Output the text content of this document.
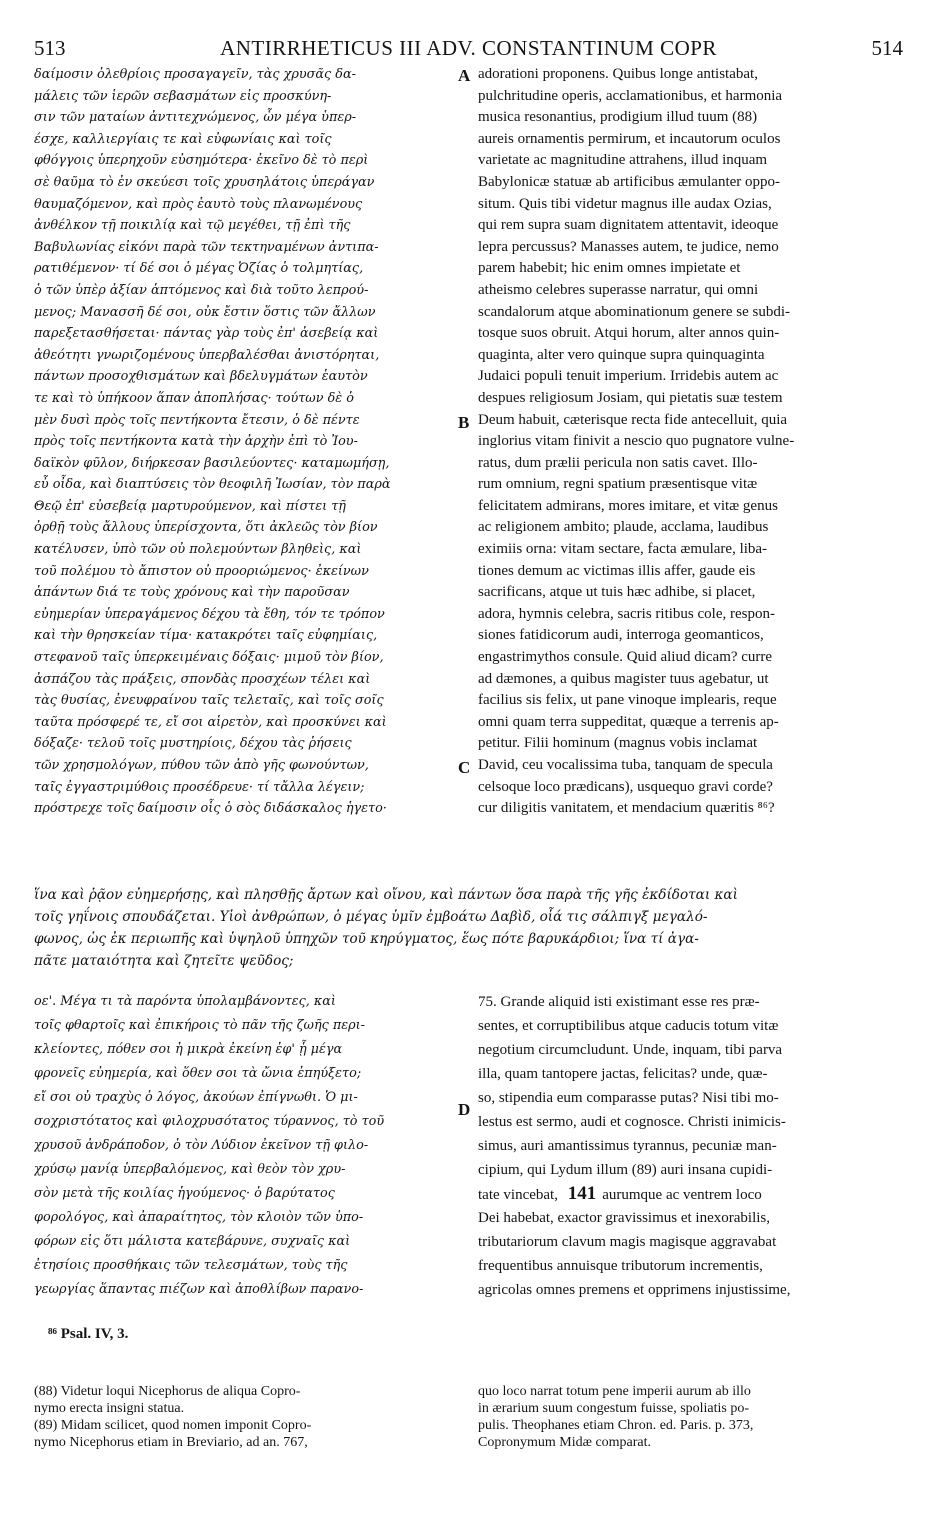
513	ANTIRRHETICUS III ADV. CONSTANTINUM COPR	514
δαίμοσιν ὀλεθρίοις προσαγαγεῖν, τὰς χρυσᾶς δα-
μάλεις τῶν ἱερῶν σεβασμάτων εἰς προσκύνη-
σιν τῶν ματαίων ἀντιτεχνώμενος, ὧν μέγα ὑπερ-
έσχε, καλλιεργίαις τε καὶ εὐφωνίαις καὶ τοῖς
φθόγγοις ὑπερηχοῦν εὐσημότερα· ἐκεῖνο δὲ τὸ περὶ
σὲ θαῦμα τὸ ἐν σκεύεσι τοῖς χρυσηλάτοις ὑπεράγαν
θαυμαζόμενον, καὶ πρὸς ἑαυτὸ τοὺς πλανωμένους
ἀνθέλκον τῇ ποικιλίᾳ καὶ τῷ μεγέθει, τῇ ἐπὶ τῆς
Βαβυλωνίας εἰκόνι παρὰ τῶν τεκτηναμένων ἀντιπα-
ρατιθέμενον· τί δέ σοι ὁ μέγας Ὀζίας ὁ τολμητίας,
ὁ τῶν ὑπὲρ ἀξίαν ἁπτόμενος καὶ διὰ τοῦτο λεπρού-
μενος; Μανασσῆ δέ σοι, οὐκ ἔστιν ὅστις τῶν ἄλλων
παρεξετασθήσεται· πάντας γὰρ τοὺς ἐπ' ἀσεβείᾳ καὶ
ἀθεότητι γνωριζομένους ὑπερβαλέσθαι ἀνιστόρηται,
πάντων προσοχθισμάτων καὶ βδελυγμάτων ἑαυτὸν
τε καὶ τὸ ὑπήκοον ἅπαν ἀποπλήσας· τούτων δὲ ὁ
μὲν δυσὶ πρὸς τοῖς πεντήκοντα ἔτεσιν, ὁ δὲ πέντε
πρὸς τοῖς πεντήκοντα κατὰ τὴν ἀρχὴν ἐπὶ τὸ Ἰου-
δαϊκὸν φῦλον, διήρκεσαν βασιλεύοντες· καταμωμήσῃ,
εὖ οἶδα, καὶ διαπτύσεις τὸν θεοφιλῆ Ἰωσίαν, τὸν παρὰ
Θεῷ ἐπ' εὐσεβείᾳ μαρτυρούμενον, καὶ πίστει τῇ
ὀρθῇ τοὺς ἄλλους ὑπερίσχοντα, ὅτι ἀκλεῶς τὸν βίον
κατέλυσεν, ὑπὸ τῶν οὐ πολεμούντων βληθεὶς, καὶ
τοῦ πολέμου τὸ ἄπιστον οὐ προοριώμενος· ἐκείνων
ἁπάντων διά τε τοὺς χρόνους καὶ τὴν παροῦσαν
εὐημερίαν ὑπεραγάμενος δέχου τὰ ἔθη, τόν τε τρόπον
καὶ τὴν θρησκείαν τίμα· κατακρότει ταῖς εὐφημίαις,
στεφανοῦ ταῖς ὑπερκειμέναις δόξαις· μιμοῦ τὸν βίον,
ἀσπάζου τὰς πράξεις, σπονδὰς προσχέων τέλει καὶ
τὰς θυσίας, ἐνευφραίνου ταῖς τελεταῖς, καὶ τοῖς σοῖς
ταῦτα πρόσφερέ τε, εἴ σοι αἱρετὸν, καὶ προσκύνει καὶ
δόξαζε· τελοῦ τοῖς μυστηρίοις, δέχου τὰς ῥήσεις
τῶν χρησμολόγων, πύθου τῶν ἀπὸ γῆς φωνούντων,
ταῖς ἐγγαστριμύθοις προσέδρευε· τί τἄλλα λέγειν;
πρόστρεχε τοῖς δαίμοσιν οἷς ὁ σὸς διδάσκαλος ἡγετο·
adorationi proponens. Quibus longe antistabat,
pulchritudine operis, acclamationibus, et harmonia
musica resonantius, prodigium illud tuum (88)
aureis ornamentis permirum, et incautorum oculos
varietate ac magnitudine attrahens, illud inquam
Babylonicæ statuæ ab artificibus æmulanter oppo-
situm. Quis tibi videtur magnus ille audax Ozias,
qui rem supra suam dignitatem attentavit, ideoque
lepra percussus? Manasses autem, te judice, nemo
parem habebit; hic enim omnes impietate et
atheismo celebres superasse narratur, qui omni
scandalorum atque abominationum genere se subdi-
tosque suos obruit. Atqui horum, alter annos quin-
quaginta, alter vero quinque supra quinquaginta
Judaici populi tenuit imperium. Irridebis autem ac
despues religiosum Josiam, qui pietatis suæ testem
Deum habuit, cæterisque recta fide antecelluit, quia
inglorius vitam finivit a nescio quo pugnatore vulne-
ratus, dum prælii pericula non satis cavet. Illo-
rum omnium, regni spatium præsentisque vitæ
felicitatem admirans, mores imitare, et vitæ genus
ac religionem ambito; plaude, acclama, laudibus
eximiis orna: vitam sectare, facta æmulare, liba-
tiones demum ac victimas illis affer, gaude eis
sacrificans, atque ut tuis hæc adhibe, si placet,
adora, hymnis celebra, sacris ritibus cole, respon-
siones fatidicorum audi, interroga geomanticos,
engastrimythos consule. Quid aliud dicam? curre
ad dæmones, a quibus magister tuus agebatur, ut
facilius sis felix, ut pane vinoque implearis, reque
omni quam terra suppeditat, quæque a terrenis ap-
petitur. Filii hominum (magnus vobis inclamat
David, ceu vocalissima tuba, tanquam de specula
celsoque loco prædicans), usquequo gravi corde?
cur diligitis vanitatem, et mendacium quæritis ⁸⁶?
A
B
C
D
ἵνα καὶ ῥᾷον εὐημερήσῃς, καὶ πλησθῇς ἄρτων καὶ οἴνου, καὶ πάντων ὅσα παρὰ τῆς γῆς ἐκδίδοται καὶ
τοῖς γηΐνοις σπουδάζεται. Υἱοὶ ἀνθρώπων, ὁ μέγας ὑμῖν ἐμβοάτω Δαβὶδ, οἷά τις σάλπιγξ μεγαλό-
φωνος, ὡς ἐκ περιωπῆς καὶ ὑψηλοῦ ὑπηχῶν τοῦ κηρύγματος, ἕως πότε βαρυκάρδιοι; ἵνα τί ἀγα-
πᾶτε ματαιότητα καὶ ζητεῖτε ψεῦδος;
οε'. Μέγα τι τὰ παρόντα ὑπολαμβάνοντες, καὶ
τοῖς φθαρτοῖς καὶ ἐπικήροις τὸ πᾶν τῆς ζωῆς περι-
κλείοντες, πόθεν σοι ἡ μικρὰ ἐκείνη ἐφ' ᾗ μέγα
φρονεῖς εὐημερία, καὶ ὅθεν σοι τὰ ὤνια ἐπηύξετο;
εἴ σοι οὐ τραχὺς ὁ λόγος, ἀκούων ἐπίγνωθι. Ὁ μι-
σοχριστότατος καὶ φιλοχρυσότατος τύραννος, τὸ τοῦ
χρυσοῦ ἀνδράποδον, ὁ τὸν Λύδιον ἐκεῖνον τῇ φιλο-
χρύσῳ μανίᾳ ὑπερβαλόμενος, καὶ θεὸν τὸν χρυ-
σὸν μετὰ τῆς κοιλίας ἡγούμενος· ὁ βαρύτατος
φορολόγος, καὶ ἀπαραίτητος, τὸν κλοιὸν τῶν ὑπο-
φόρων εἰς ὅτι μάλιστα κατεβάρυνε, συχναῖς καὶ
ἐτησίοις προσθήκαις τῶν τελεσμάτων, τοὺς τῆς
γεωργίας ἅπαντας πιέζων καὶ ἀποθλίβων παρανο-
75. Grande aliquid isti existimant esse res præ-
sentes, et corruptibilibus atque caducis totum vitæ
negotium circumcludunt. Unde, inquam, tibi parva
illa, quam tantopere jactas, felicitas? unde, quæ-
so, stipendia eum comparasse putas? Nisi tibi mo-
lestus est sermo, audi et cognosce. Christi inimicis-
simus, auri amantissimus tyrannus, pecuniæ man-
cipium, qui Lydum illum (89) auri insana cupidi-
tate vincebat, 141 aurumque ac ventrem loco
Dei habebat, exactor gravissimus et inexorabilis,
tributariorum clavum magis magisque aggravabat
frequentibus annuisque tributorum incrementis,
agricolas omnes premens et opprimens injustissime,
⁸⁶ Psal. IV, 3.
(88) Videtur loqui Nicephorus de aliqua Copro-
nymo erecta insigni statua.
(89) Midam scilicet, quod nomen imponit Copro-
nymo Nicephorus etiam in Breviario, ad an. 767,
quo loco narrat totum pene imperii aurum ab illo
in ærarium suum congestum fuisse, spoliatis po-
pulis. Theophanes etiam Chron. ed. Paris. p. 373,
Copronymum Midæ comparat.
